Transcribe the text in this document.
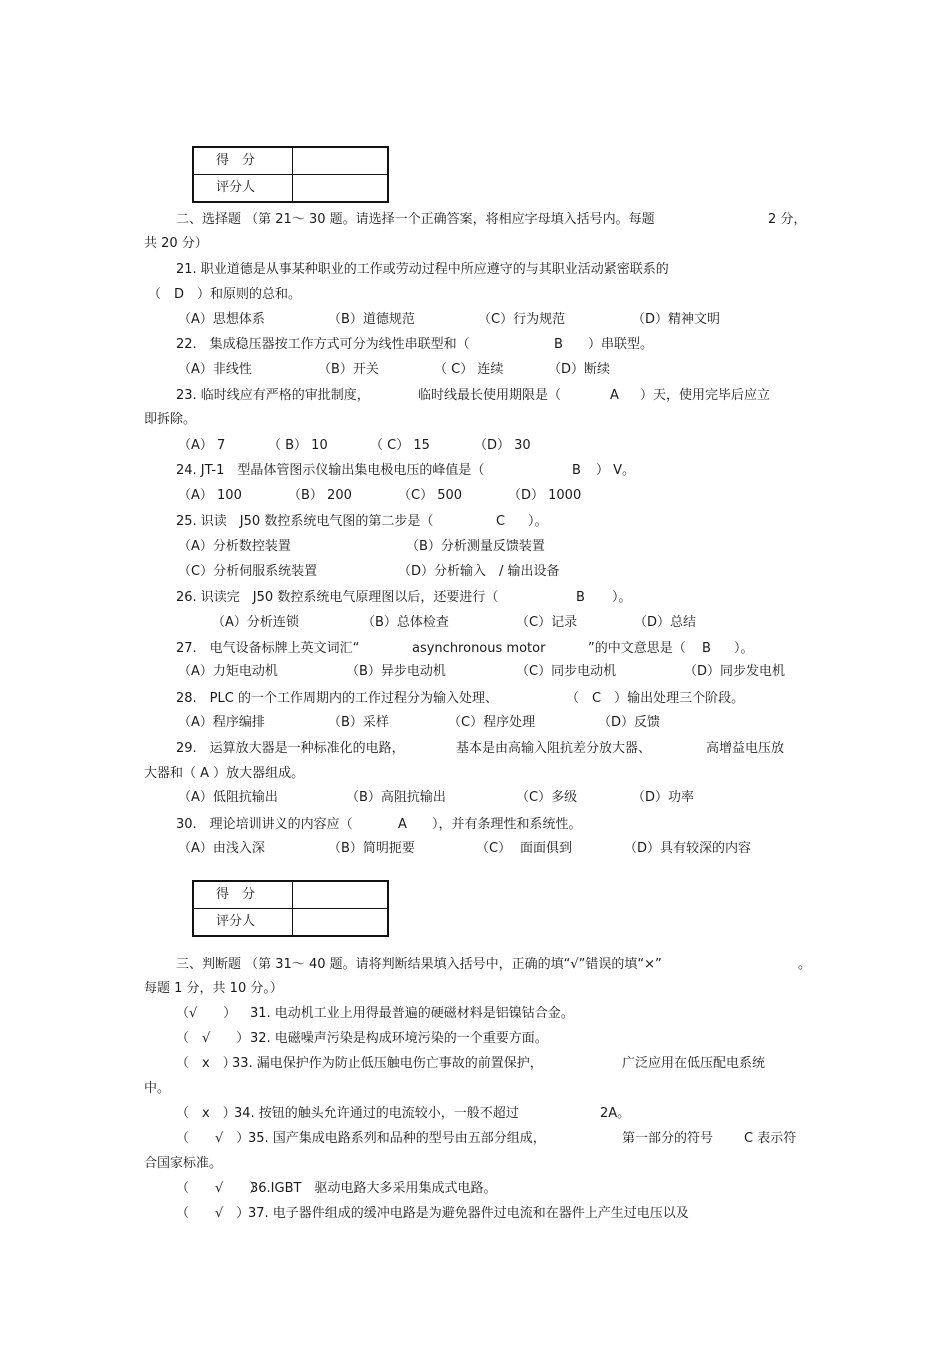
得　分	
评分人	
二、选择题 （第 21～ 30 题。请选择一个正确答案，将相应字母填入括号内。每题	2 分，
共 20 分）
21. 职业道德是从事某种职业的工作或劳动过程中所应遵守的与其职业活动紧密联系的
（　D　）和原则的总和。
（A）思想体系	（B）道德规范	（C）行为规范	（D）精神文明
22.　集成稳压器按工作方式可分为线性串联型和（	B ）串联型。
（A）非线性	（B）开关	（ C） 连续	（D）断续
23. 临时线应有严格的审批制度，	临时线最长使用期限是（	A ）天，使用完毕后应立
即拆除。
（A） 7	（ B） 10	（ C） 15	（D） 30
24. JT-1　型晶体管图示仪输出集电极电压的峰值是（	B ） V。
（A） 100	（B） 200	（C） 500	（D） 1000
25. 识读　J50 数控系统电气图的第二步是（	C ）。
（A）分析数控装置	（B）分析测量反馈装置
（C）分析伺服系统装置	（D）分析输入　/ 输出设备
26. 识读完　J50 数控系统电气原理图以后，还要进行（	B ）。
（A）分析连锁	（B）总体检查	（C）记录	（D）总结
27.　电气设备标牌上英文词汇“	asynchronous motor	”的中文意思是（ B ）。
（A）力矩电动机	（B）异步电动机	（C）同步电动机	（D）同步发电机
28.　PLC 的一个工作周期内的工作过程分为输入处理、	（　C　）输出处理三个阶段。
（A）程序编排	（B）采样	（C）程序处理	（D）反馈
29.　运算放大器是一种标准化的电路，	基本是由高输入阻抗差分放大器、	高增益电压放
大器和（ A ）放大器组成。
（A）低阻抗输出	（B）高阻抗输出	（C）多级	（D）功率
30.　理论培训讲义的内容应（	A ），并有条理性和系统性。
（A）由浅入深	（B）简明扼要	（C） 面面俱到	（D）具有较深的内容
得　分	
评分人	
三、判断题 （第 31～ 40 题。请将判断结果填入括号中，正确的填“√”错误的填“×”	。
每题 1 分，共 10 分。）
（√　　） 31. 电动机工业上用得最普遍的硬磁材料是铝镍钴合金。
（　√　　） 32. 电磁噪声污染是构成环境污染的一个重要方面。
（　x　）
33. 漏电保护作为防止低压触电伤亡事故的前置保护，	广泛应用在低压配电系统
中。
（　x　）
34. 按钮的触头允许通过的电流较小，一般不超过	2A。
（　　√　）
35. 国产集成电路系列和品种的型号由五部分组成，	第一部分的符号 C 表示符
合国家标准。
（　　√　　）
36.IGBT　驱动电路大多采用集成式电路。
（　　√　）
37. 电子器件组成的缓冲电路是为避免器件过电流和在器件上产生过电压以及
